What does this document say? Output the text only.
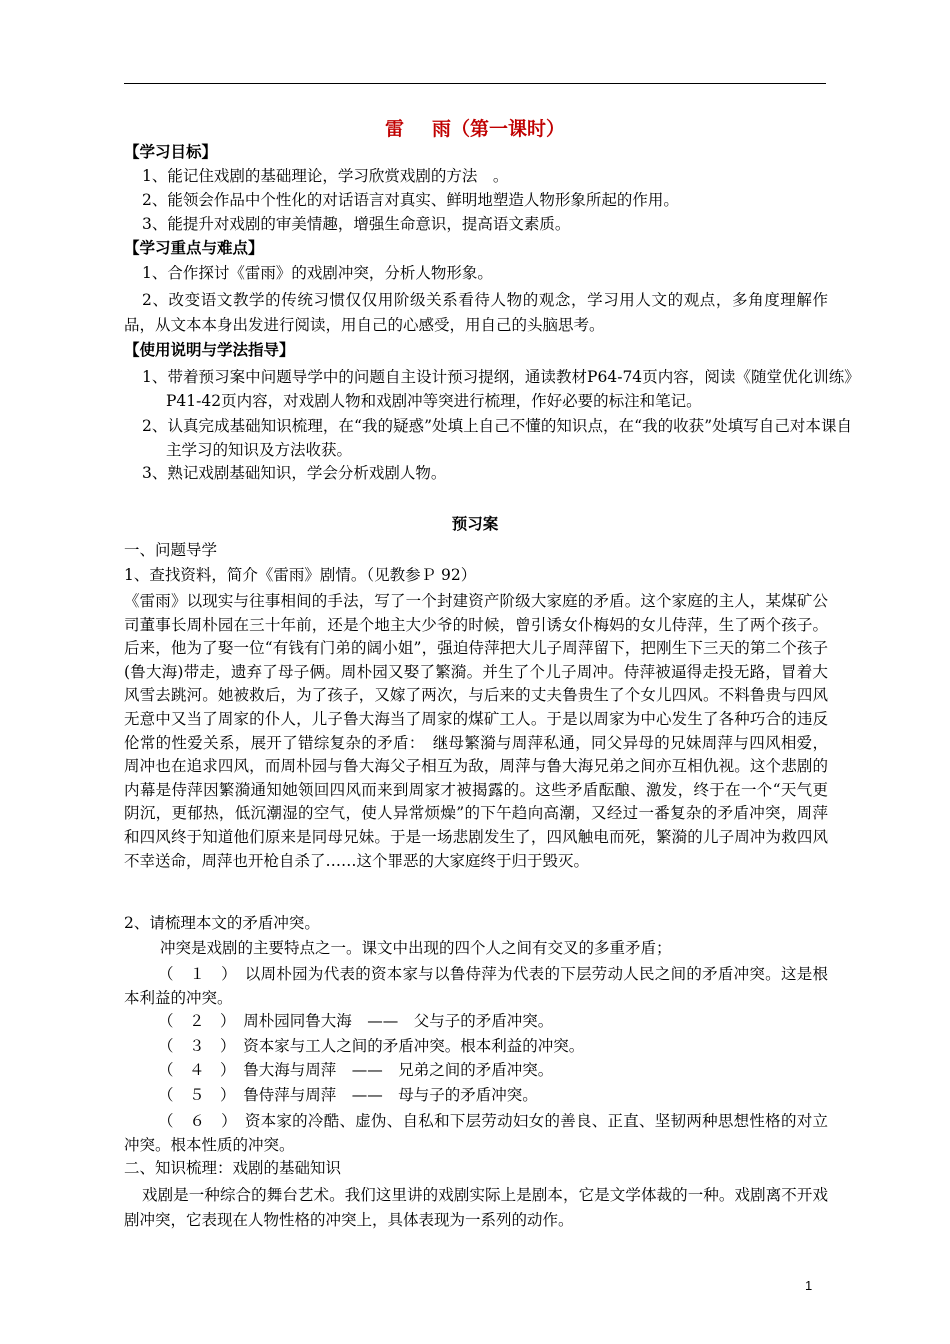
雷 雨（第一课时）
【学习目标】
1、能记住戏剧的基础理论，学习欣赏戏剧的方法　。
2、能领会作品中个性化的对话语言对真实、鲜明地塑造人物形象所起的作用。
3、能提升对戏剧的审美情趣，增强生命意识，提高语文素质。
【学习重点与难点】
1、合作探讨《雷雨》的戏剧冲突，分析人物形象。
2、改变语文教学的传统习惯仅仅用阶级关系看待人物的观念，学习用人文的观点，多角度理解作品，从文本本身出发进行阅读，用自己的心感受，用自己的头脑思考。
【使用说明与学法指导】
1、带着预习案中问题导学中的问题自主设计预习提纲，通读教材P64-74页内容，阅读《随堂优化训练》P41-42页内容，对戏剧人物和戏剧冲等突进行梳理，作好必要的标注和笔记。
2、认真完成基础知识梳理，在“我的疑惑”处填上自己不懂的知识点，在“我的收获”处填写自己对本课自主学习的知识及方法收获。
3、熟记戏剧基础知识，学会分析戏剧人物。
预习案
一、问题导学
1、查找资料，简介《雷雨》剧情。（见教参Ｐ 92）
《雷雨》以现实与往事相间的手法，写了一个封建资产阶级大家庭的矛盾。这个家庭的主人，某煤矿公司董事长周朴园在三十年前，还是个地主大少爷的时候，曾引诱女仆梅妈的女儿侍萍，生了两个孩子。后来，他为了娶一位“有钱有门弟的阔小姐”，强迫侍萍把大儿子周萍留下，把刚生下三天的第二个孩子(鲁大海)带走，遗弃了母子俩。周朴园又娶了繁漪。并生了个儿子周冲。侍萍被逼得走投无路，冒着大风雪去跳河。她被救后，为了孩子，又嫁了两次，与后来的丈夫鲁贵生了个女儿四风。不料鲁贵与四风无意中又当了周家的仆人，儿子鲁大海当了周家的煤矿工人。于是以周家为中心发生了各种巧合的违反伦常的性爱关系，展开了错综复杂的矛盾：　继母繁漪与周萍私通，同父异母的兄妹周萍与四风相爱，周冲也在追求四风，而周朴园与鲁大海父子相互为敌，周萍与鲁大海兄弟之间亦互相仇视。这个悲剧的内幕是侍萍因繁漪通知她领回四风而来到周家才被揭露的。这些矛盾酝酿、激发，终于在一个“天气更阴沉，更郁热，低沉潮湿的空气，使人异常烦燥”的下午趋向高潮，又经过一番复杂的矛盾冲突，周萍和四风终于知道他们原来是同母兄妹。于是一场悲剧发生了，四风触电而死，繁漪的儿子周冲为救四风不幸送命，周萍也开枪自杀了……这个罪恶的大家庭终于归于毁灭。
2、请梳理本文的矛盾冲突。
冲突是戏剧的主要特点之一。课文中出现的四个人之间有交叉的多重矛盾；
（　１　）　以周朴园为代表的资本家与以鲁侍萍为代表的下层劳动人民之间的矛盾冲突。这是根本利益的冲突。
（　２　）　周朴园同鲁大海　——　父与子的矛盾冲突。
（　３　）　资本家与工人之间的矛盾冲突。根本利益的冲突。
（　４　）　鲁大海与周萍　——　兄弟之间的矛盾冲突。
（　５　）　鲁侍萍与周萍　——　母与子的矛盾冲突。
（　６　）　资本家的冷酷、虚伪、自私和下层劳动妇女的善良、正直、坚韧两种思想性格的对立冲突。根本性质的冲突。
二、知识梳理：戏剧的基础知识
戏剧是一种综合的舞台艺术。我们这里讲的戏剧实际上是剧本，它是文学体裁的一种。戏剧离不开戏剧冲突，它表现在人物性格的冲突上，具体表现为一系列的动作。
1
